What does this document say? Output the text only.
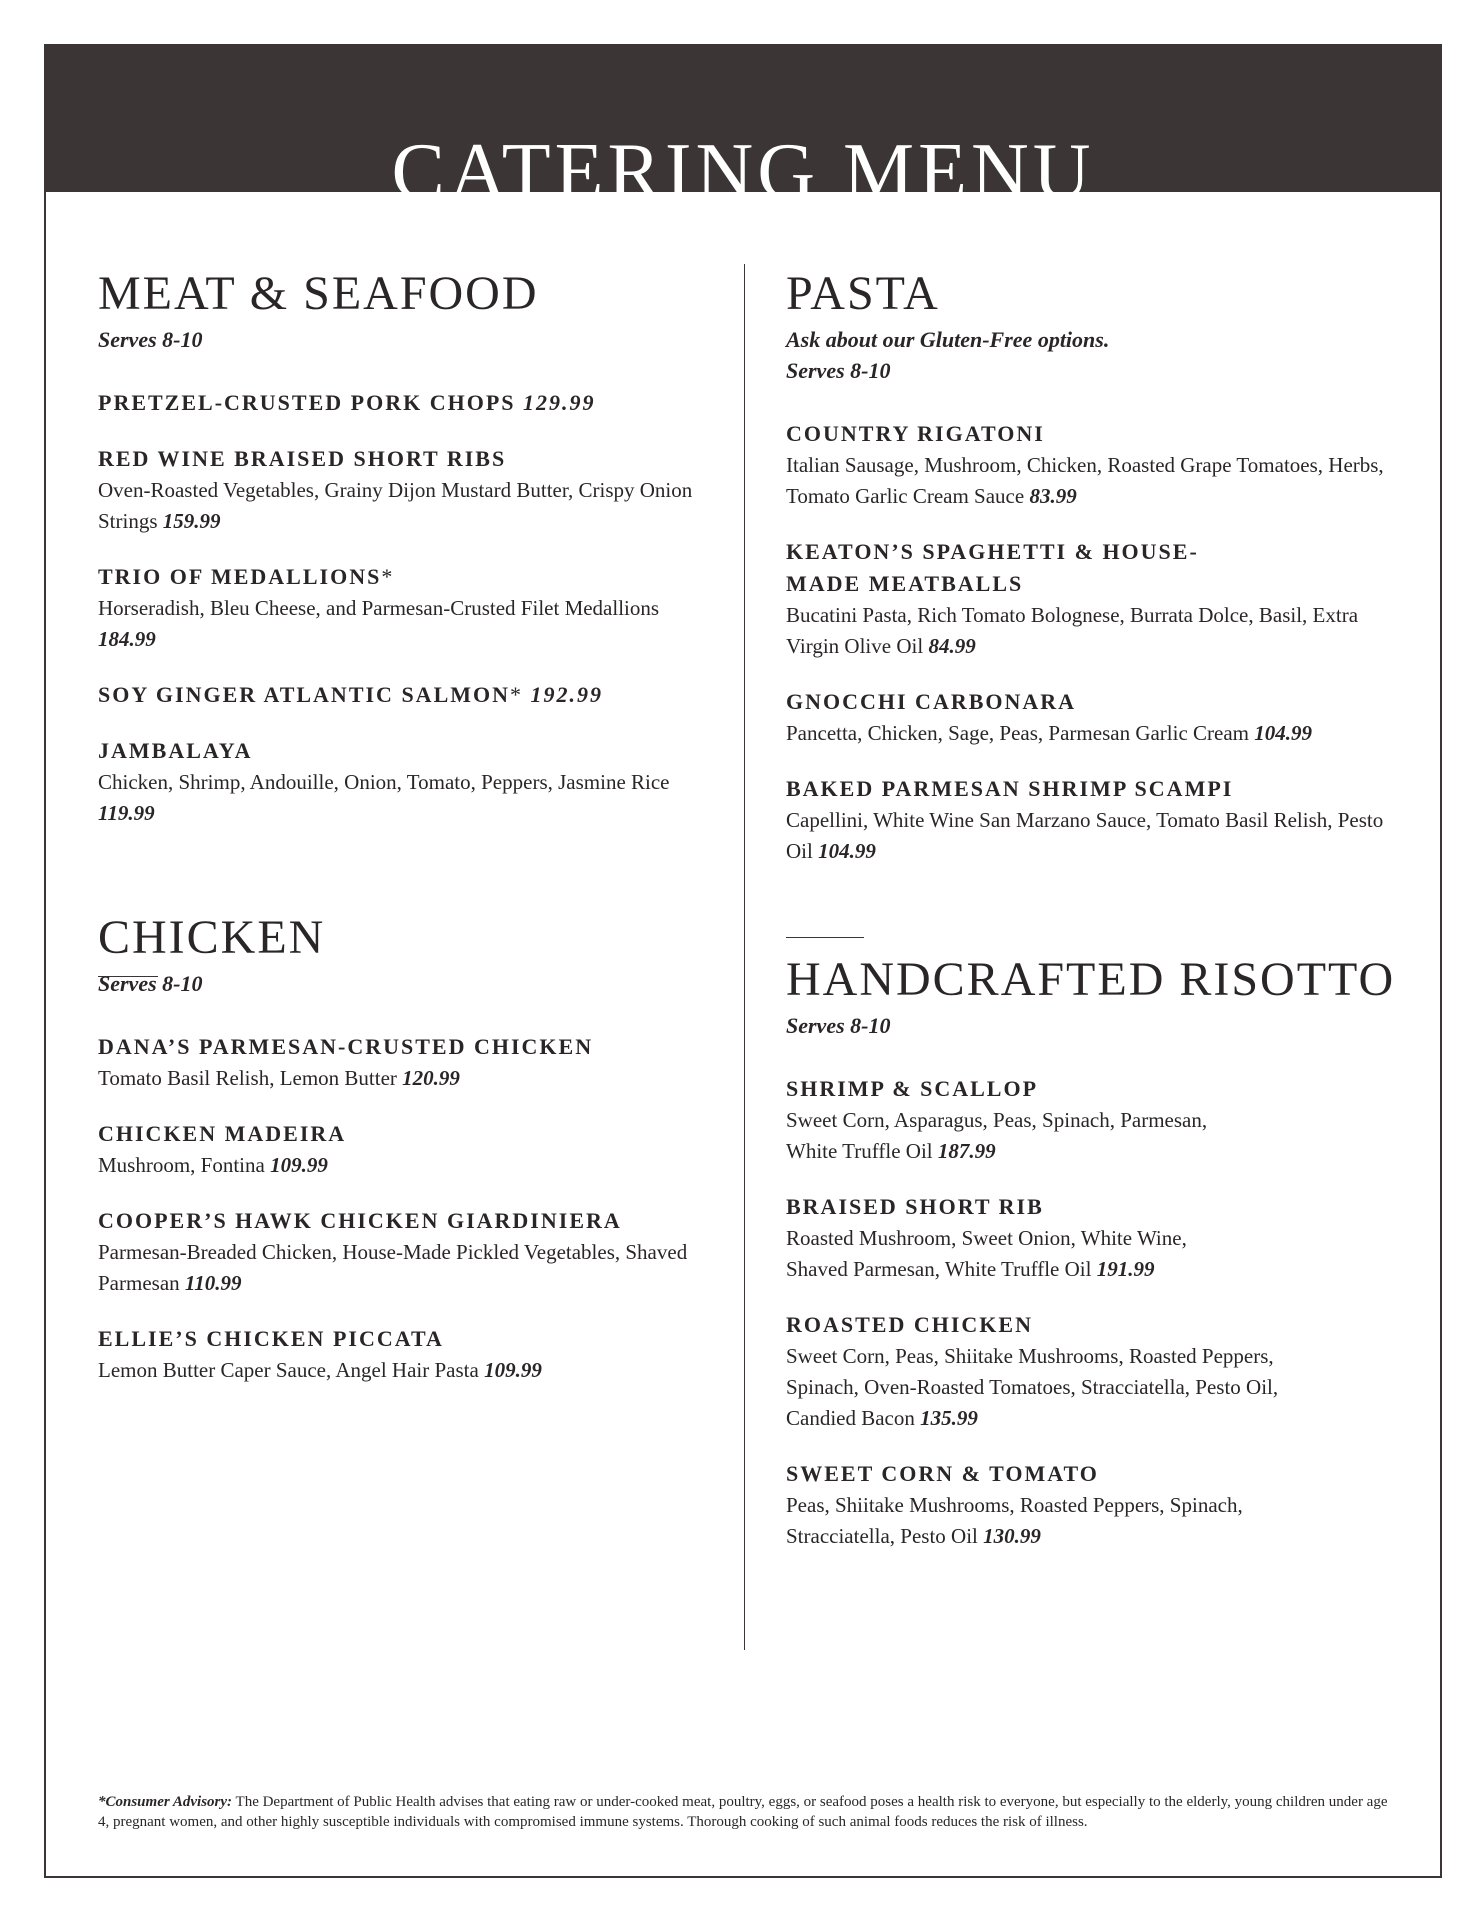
CATERING MENU
MEAT & SEAFOOD
Serves 8-10
PRETZEL-CRUSTED PORK CHOPS 129.99
RED WINE BRAISED SHORT RIBS
Oven-Roasted Vegetables, Grainy Dijon Mustard Butter, Crispy Onion Strings 159.99
TRIO OF MEDALLIONS*
Horseradish, Bleu Cheese, and Parmesan-Crusted Filet Medallions 184.99
SOY GINGER ATLANTIC SALMON* 192.99
JAMBALAYA
Chicken, Shrimp, Andouille, Onion, Tomato, Peppers, Jasmine Rice 119.99
CHICKEN
Serves 8-10
DANA’S PARMESAN-CRUSTED CHICKEN
Tomato Basil Relish, Lemon Butter 120.99
CHICKEN MADEIRA
Mushroom, Fontina 109.99
COOPER’S HAWK CHICKEN GIARDINIERA
Parmesan-Breaded Chicken, House-Made Pickled Vegetables, Shaved Parmesan 110.99
ELLIE’S CHICKEN PICCATA
Lemon Butter Caper Sauce, Angel Hair Pasta 109.99
PASTA
Ask about our Gluten-Free options.
Serves 8-10
COUNTRY RIGATONI
Italian Sausage, Mushroom, Chicken, Roasted Grape Tomatoes, Herbs, Tomato Garlic Cream Sauce 83.99
KEATON’S SPAGHETTI & HOUSE-MADE MEATBALLS
Bucatini Pasta, Rich Tomato Bolognese, Burrata Dolce, Basil, Extra Virgin Olive Oil 84.99
GNOCCHI CARBONARA
Pancetta, Chicken, Sage, Peas, Parmesan Garlic Cream 104.99
BAKED PARMESAN SHRIMP SCAMPI
Capellini, White Wine San Marzano Sauce, Tomato Basil Relish, Pesto Oil 104.99
HANDCRAFTED RISOTTO
Serves 8-10
SHRIMP & SCALLOP
Sweet Corn, Asparagus, Peas, Spinach, Parmesan, White Truffle Oil 187.99
BRAISED SHORT RIB
Roasted Mushroom, Sweet Onion, White Wine, Shaved Parmesan, White Truffle Oil 191.99
ROASTED CHICKEN
Sweet Corn, Peas, Shiitake Mushrooms, Roasted Peppers, Spinach, Oven-Roasted Tomatoes, Stracciatella, Pesto Oil, Candied Bacon 135.99
SWEET CORN & TOMATO
Peas, Shiitake Mushrooms, Roasted Peppers, Spinach, Stracciatella, Pesto Oil 130.99
*Consumer Advisory: The Department of Public Health advises that eating raw or under-cooked meat, poultry, eggs, or seafood poses a health risk to everyone, but especially to the elderly, young children under age 4, pregnant women, and other highly susceptible individuals with compromised immune systems. Thorough cooking of such animal foods reduces the risk of illness.
